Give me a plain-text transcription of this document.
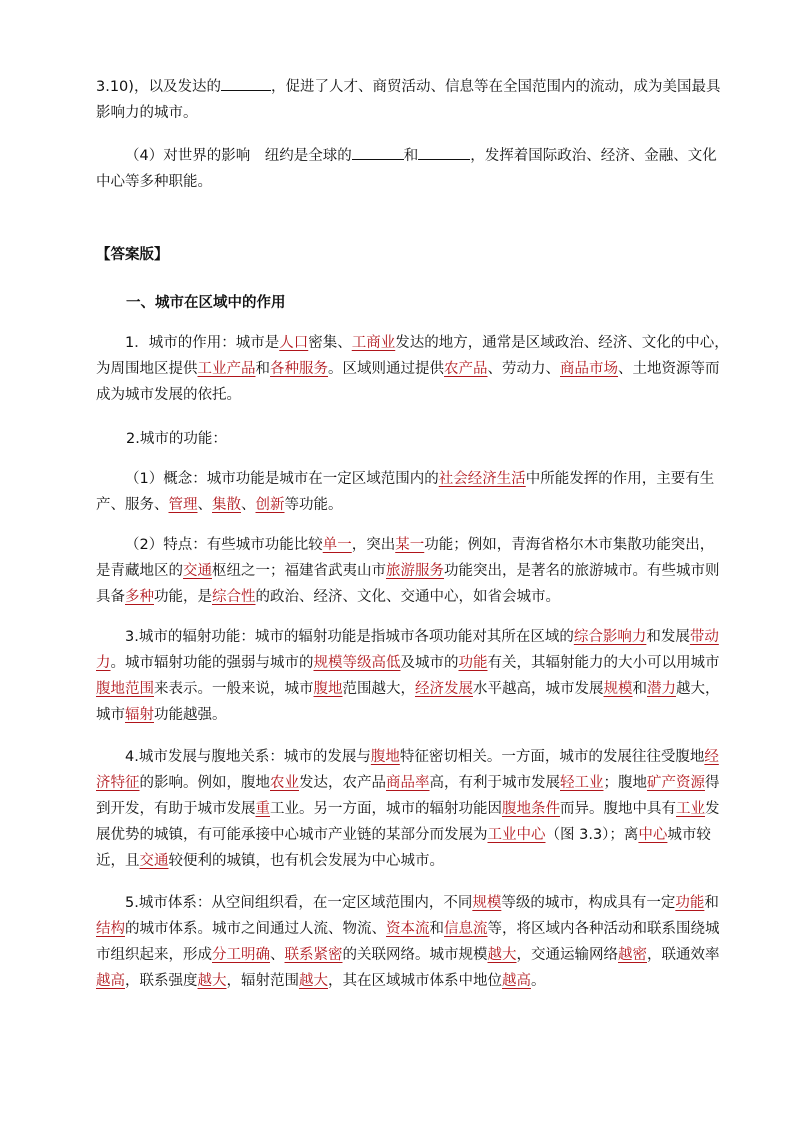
3.10)，以及发达的	，促进了人才、商贸活动、信息等在全国范围内的流动，成为美国最具
影响力的城市。

（4）对世界的影响　纽约是全球的	和	，发挥着国际政治、经济、金融、文化
中心等多种职能。

【答案版】

一、城市在区域中的作用

1．城市的作用：城市是人口密集、工商业发达的地方，通常是区域政治、经济、文化的中心，
为周围地区提供工业产品和各种服务。区域则通过提供农产品、劳动力、商品市场、土地资源等而
成为城市发展的依托。

2.城市的功能：

（1）概念：城市功能是城市在一定区域范围内的社会经济生活中所能发挥的作用，主要有生
产、服务、管理、集散、创新等功能。

（2）特点：有些城市功能比较单一，突出某一功能；例如，青海省格尔木市集散功能突出，
是青藏地区的交通枢纽之一；福建省武夷山市旅游服务功能突出，是著名的旅游城市。有些城市则
具备多种功能，是综合性的政治、经济、文化、交通中心，如省会城市。

3.城市的辐射功能：城市的辐射功能是指城市各项功能对其所在区域的综合影响力和发展带动
力。城市辐射功能的强弱与城市的规模等级高低及城市的功能有关，其辐射能力的大小可以用城市
腹地范围来表示。一般来说，城市腹地范围越大，经济发展水平越高，城市发展规模和潜力越大，
城市辐射功能越强。

4.城市发展与腹地关系：城市的发展与腹地特征密切相关。一方面，城市的发展往往受腹地经
济特征的影响。例如，腹地农业发达，农产品商品率高，有利于城市发展轻工业；腹地矿产资源得
到开发，有助于城市发展重工业。另一方面，城市的辐射功能因腹地条件而异。腹地中具有工业发
展优势的城镇，有可能承接中心城市产业链的某部分而发展为工业中心（图 3.3）；离中心城市较
近，且交通较便利的城镇，也有机会发展为中心城市。

5.城市体系：从空间组织看，在一定区域范围内，不同规模等级的城市，构成具有一定功能和
结构的城市体系。城市之间通过人流、物流、资本流和信息流等，将区域内各种活动和联系围绕城
市组织起来，形成分工明确、联系紧密的关联网络。城市规模越大，交通运输网络越密，联通效率
越高，联系强度越大，辐射范围越大，其在区域城市体系中地位越高。
